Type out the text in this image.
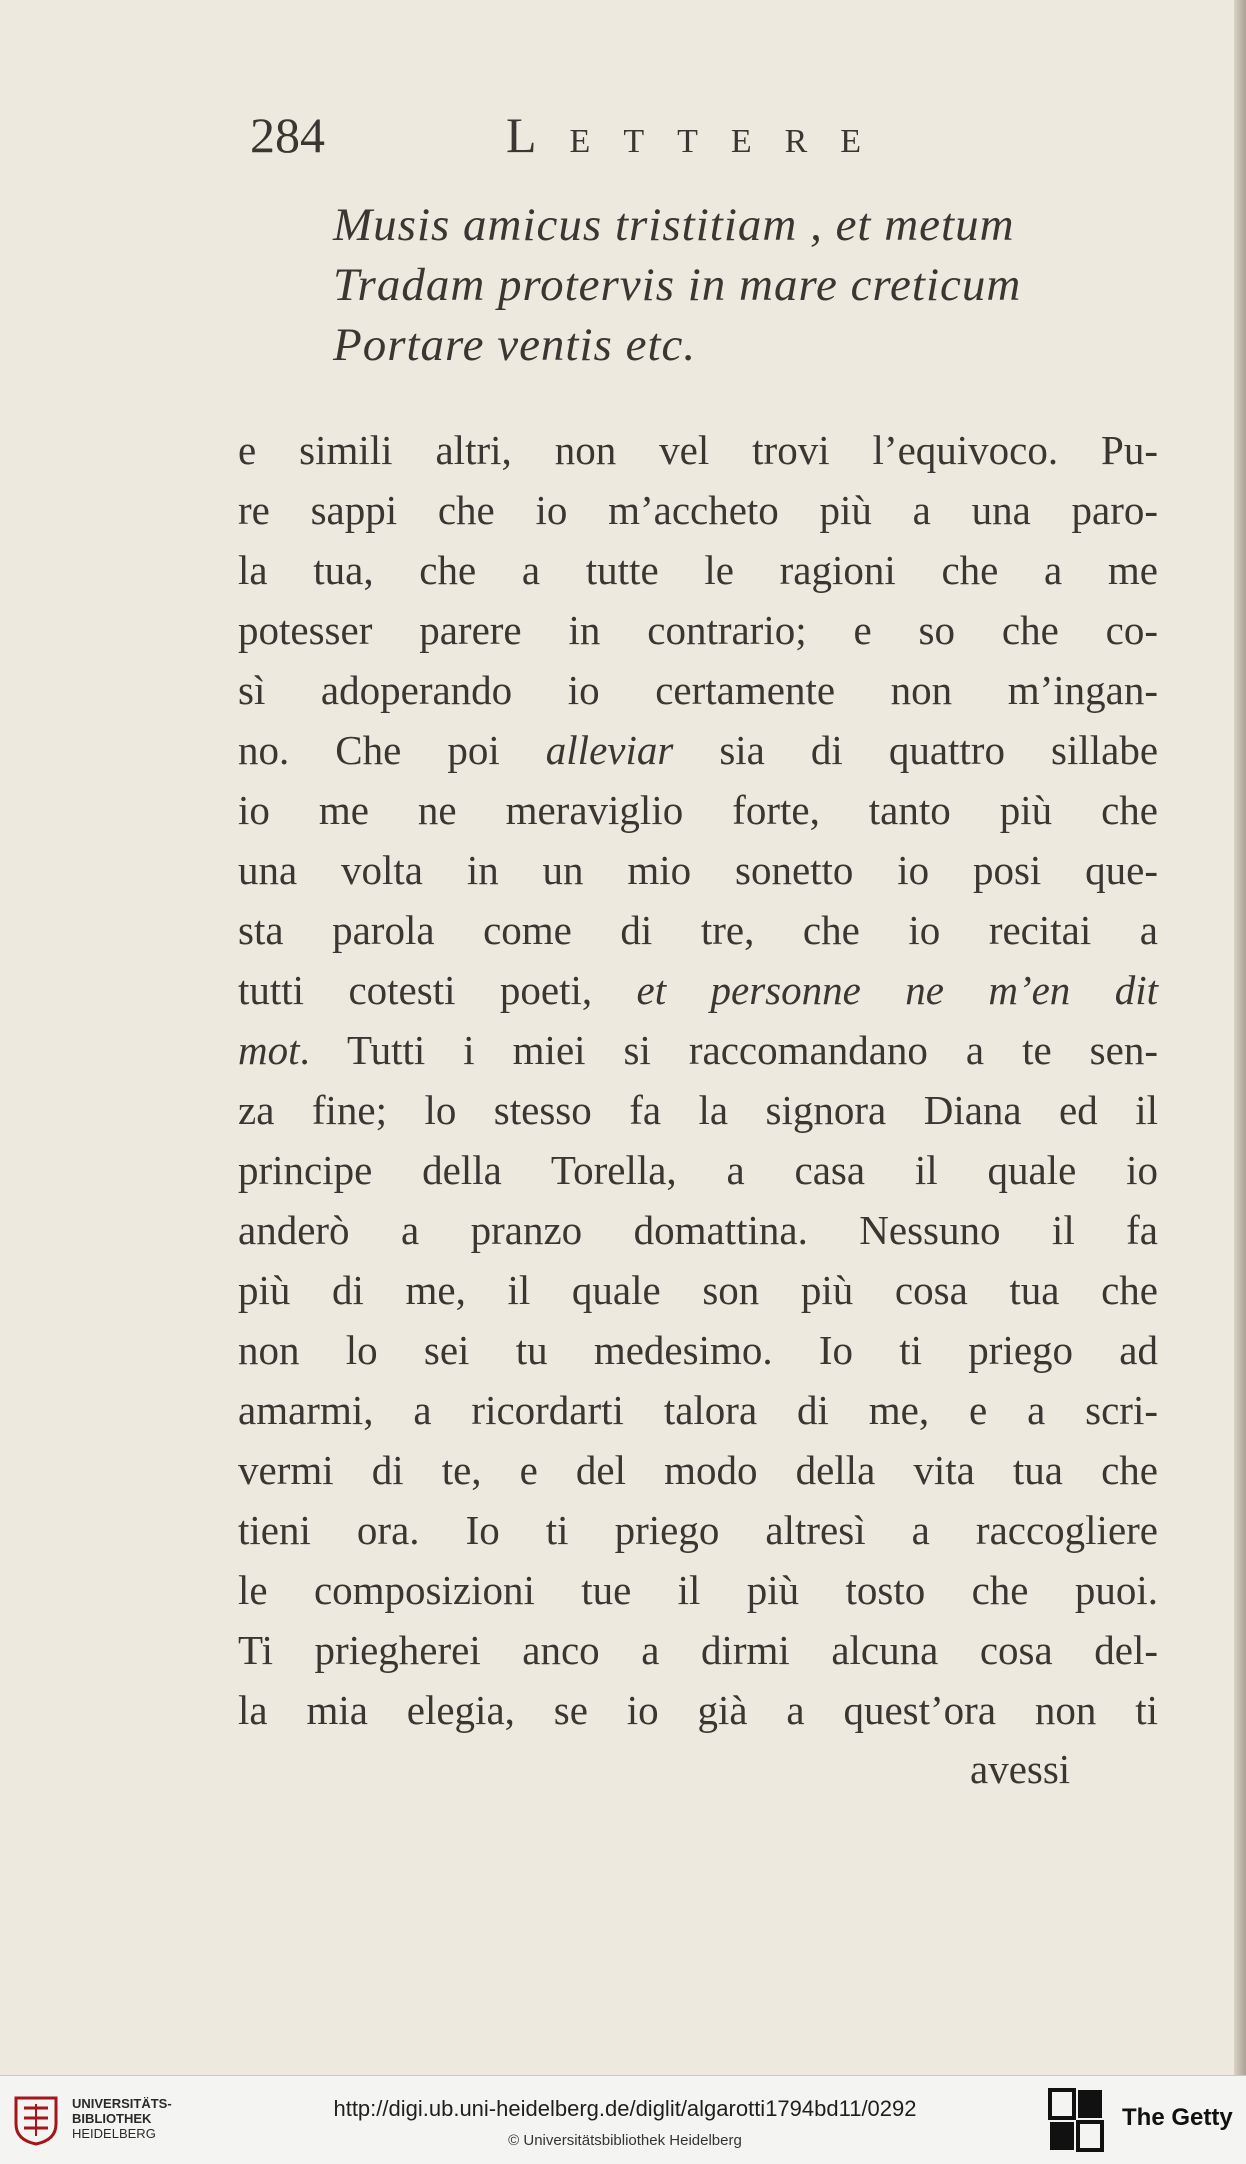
284	LETTERE
Musis amicus tristitiam , et metum
Tradam protervis in mare creticum
Portare ventis etc.
e simili altri, non vel trovi l’equivoco. Pu-
re sappi che io m’accheto più a una paro-
la tua, che a tutte le ragioni che a me
potesser parere in contrario; e so che co-
sì adoperando io certamente non m’ingan-
no. Che poi alleviar sia di quattro sillabe
io me ne meraviglio forte, tanto più che
una volta in un mio sonetto io posi que-
sta parola come di tre, che io recitai a
tutti cotesti poeti, et personne ne m’en dit
mot. Tutti i miei si raccomandano a te sen-
za fine; lo stesso fa la signora Diana ed il
principe della Torella, a casa il quale io
anderò a pranzo domattina. Nessuno il fa
più di me, il quale son più cosa tua che
non lo sei tu medesimo. Io ti priego ad
amarmi, a ricordarti talora di me, e a scri-
vermi di te, e del modo della vita tua che
tieni ora. Io ti priego altresì a raccogliere
le composizioni tue il più tosto che puoi.
Ti priegherei anco a dirmi alcuna cosa del-
la mia elegia, se io già a quest’ora non ti
avessi
UNIVERSITÄTS-
BIBLIOTHEK
HEIDELBERG
http://digi.ub.uni-heidelberg.de/diglit/algarotti1794bd11/0292
© Universitätsbibliothek Heidelberg
The Getty
